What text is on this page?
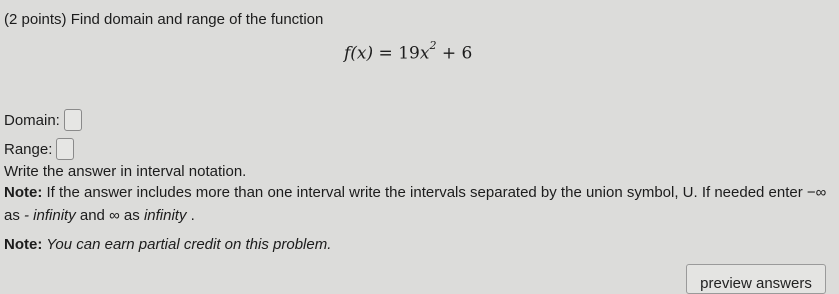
(2 points) Find domain and range of the function
$f(x) = 19x^2 + 6$
Domain:
Range:
Write the answer in interval notation.
Note: If the answer includes more than one interval write the intervals separated by the union symbol, U. If needed enter −∞ as - infinity and ∞ as infinity .
Note: You can earn partial credit on this problem.
preview answers
